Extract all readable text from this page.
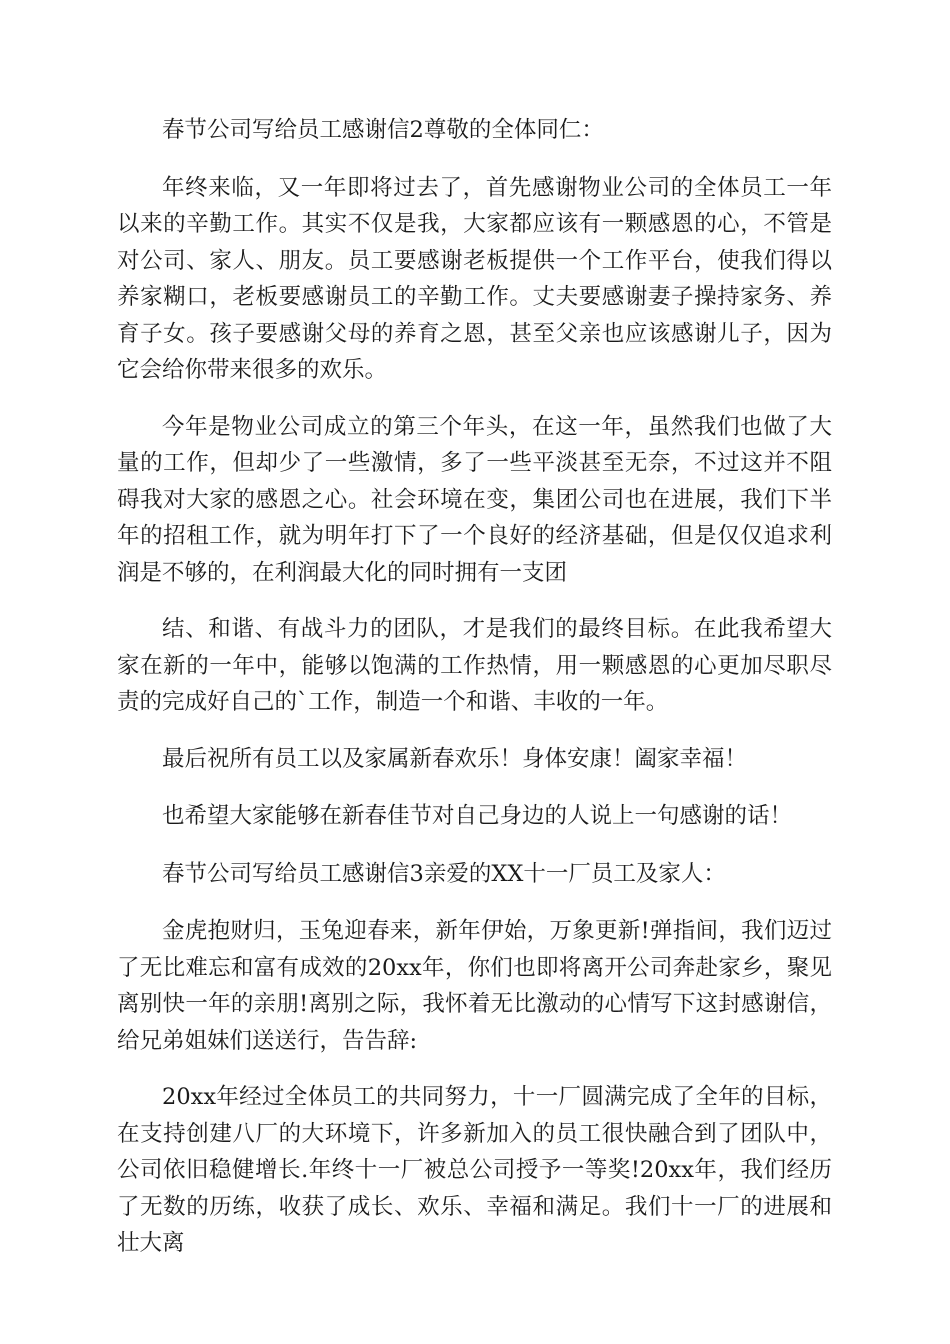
春节公司写给员工感谢信2尊敬的全体同仁：

年终来临，又一年即将过去了，首先感谢物业公司的全体员工一年以来的辛勤工作。其实不仅是我，大家都应该有一颗感恩的心，不管是对公司、家人、朋友。员工要感谢老板提供一个工作平台，使我们得以养家糊口，老板要感谢员工的辛勤工作。丈夫要感谢妻子操持家务、养育子女。孩子要感谢父母的养育之恩，甚至父亲也应该感谢儿子，因为它会给你带来很多的欢乐。

今年是物业公司成立的第三个年头，在这一年，虽然我们也做了大量的工作，但却少了一些激情，多了一些平淡甚至无奈，不过这并不阻碍我对大家的感恩之心。社会环境在变，集团公司也在进展，我们下半年的招租工作，就为明年打下了一个良好的经济基础，但是仅仅追求利润是不够的，在利润最大化的同时拥有一支团

结、和谐、有战斗力的团队，才是我们的最终目标。在此我希望大家在新的一年中，能够以饱满的工作热情，用一颗感恩的心更加尽职尽责的完成好自己的`工作，制造一个和谐、丰收的一年。

最后祝所有员工以及家属新春欢乐！身体安康！阖家幸福！

也希望大家能够在新春佳节对自己身边的人说上一句感谢的话！

春节公司写给员工感谢信3亲爱的XX十一厂员工及家人：

金虎抱财归，玉兔迎春来，新年伊始，万象更新!弹指间，我们迈过了无比难忘和富有成效的20xx年，你们也即将离开公司奔赴家乡，聚见离别快一年的亲朋!离别之际，我怀着无比激动的心情写下这封感谢信，给兄弟姐妹们送送行，告告辞:

20xx年经过全体员工的共同努力，十一厂圆满完成了全年的目标，在支持创建八厂的大环境下，许多新加入的员工很快融合到了团队中，公司依旧稳健增长.年终十一厂被总公司授予一等奖!20xx年，我们经历了无数的历练，收获了成长、欢乐、幸福和满足。我们十一厂的进展和壮大离
